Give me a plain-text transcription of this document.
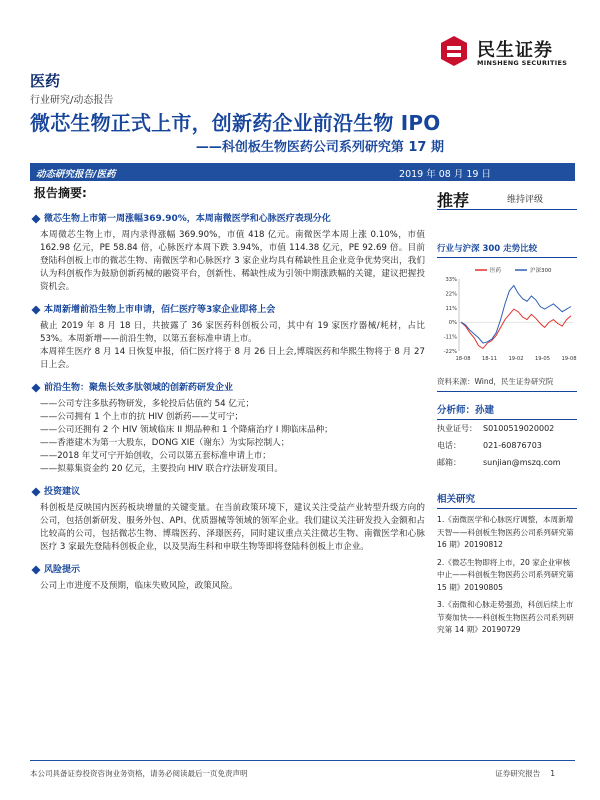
民生证券
MINSHENG SECURITIES
医药
行业研究/动态报告
微芯生物正式上市，创新药企业前沿生物 IPO
——科创板生物医药公司系列研究第 17 期
动态研究报告/医药	2019 年 08 月 19 日
报告摘要:
微芯生物上市第一周涨幅369.90%，本周南微医学和心脉医疗表现分化

本周微芯生物上市，周内录得涨幅 369.90%，市值 418 亿元。南微医学本周上涨 0.10%，市值 162.98 亿元，PE 58.84 倍，心脉医疗本周下跌 3.94%，市值 114.38 亿元，PE 92.69 倍。目前登陆科创板上市的微芯生物、南微医学和心脉医疗 3 家企业均具有稀缺性且企业竞争优势突出，我们认为科创板作为鼓励创新药械的融资平台，创新性、稀缺性成为引领中期涨跌幅的关键，建议把握投资机会。

本周新增前沿生物上市申请，佰仁医疗等3家企业即将上会

截止 2019 年 8 月 18 日，共披露了 36 家医药科创板公司，其中有 19 家医疗器械/耗材，占比 53%。本周新增——前沿生物，以第五套标准申请上市。

本周祥生医疗 8 月 14 日恢复申报，佰仁医疗将于 8 月 26 日上会,博瑞医药和华熙生物将于 8 月 27 日上会。

前沿生物：聚焦长效多肽领域的创新药研发企业

——公司专注多肽药物研发，多轮投后估值约 54 亿元；

——公司拥有 1 个上市的抗 HIV 创新药——艾可宁；

——公司还拥有 2 个 HIV 领域临床 II 期品种和 1 个降痛治疗 I 期临床品种；

——香港建木为第一大股东，DONG XIE（谢东）为实际控制人；

——2018 年艾可宁开始创收，公司以第五套标准申请上市；

——拟募集资金约 20 亿元，主要投向 HIV 联合疗法研发项目。

投资建议

科创板是反映国内医药板块增量的关键变量。在当前政策环境下，建议关注受益产业转型升级方向的公司，包括创新研发、服务外包、API、优质器械等领域的领军企业。我们建议关注研发投入金额和占比较高的公司，包括微芯生物、博瑞医药、泽璟医药，同时建议重点关注微芯生物、南微医学和心脉医疗 3 家最先登陆科创板企业，以及昊海生科和申联生物等即将登陆科创板上市企业。

风险提示

公司上市进度不及预期，临床失败风险，政策风险。

推荐	维持评级
行业与沪深 300 走势比较
医药	沪深300
33%
22%
11%
0%
-11%
-22%
18-08 18-11 19-02 19-05 19-08
资料来源：Wind，民生证券研究院
分析师：孙建
执业证号： S0100519020002
电话：	021-60876703
邮箱：	sunjian@mszq.com
相关研究
1.《南微医学和心脉医疗调整，本周新增天智——科创板生物医药公司系列研究第 16 期》20190812
2.《微芯生物即将上市，20 家企业审核中止——科创板生物医药公司系列研究第 15 期》20190805
3.《南微和心脉走势强劲，科创后续上市节奏加快——科创板生物医药公司系列研究第 14 期》20190729
本公司具备证券投资咨询业务资格，请务必阅读最后一页免责声明	证券研究报告 1
